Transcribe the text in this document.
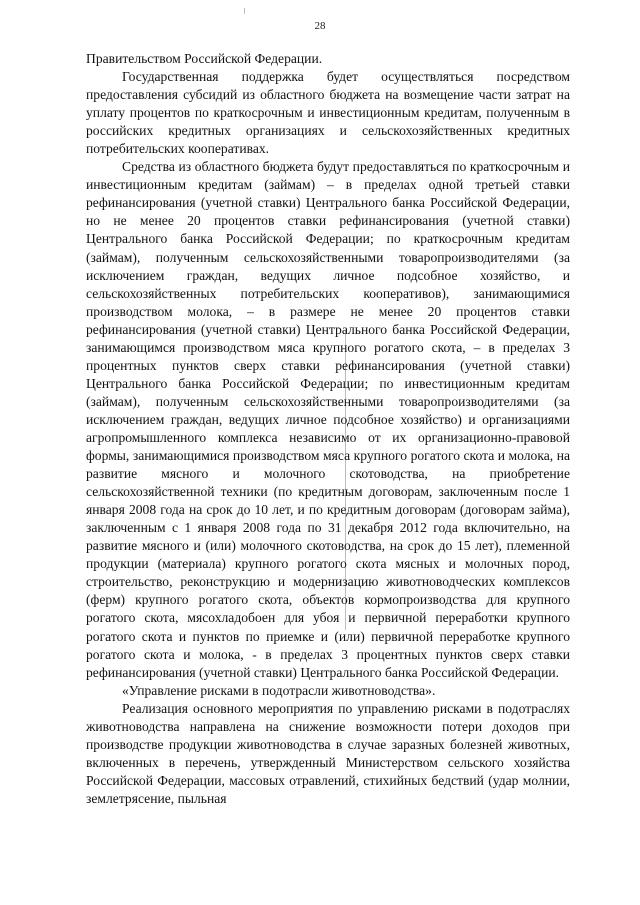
28

Правительством Российской Федерации.

Государственная поддержка будет осуществляться посредством предоставления субсидий из областного бюджета на возмещение части затрат на уплату процентов по краткосрочным и инвестиционным кредитам, полученным в российских кредитных организациях и сельскохозяйственных кредитных потребительских кооперативах.

Средства из областного бюджета будут предоставляться по краткосрочным и инвестиционным кредитам (займам) – в пределах одной третьей ставки рефинансирования (учетной ставки) Центрального банка Российской Федерации, но не менее 20 процентов ставки рефинансирования (учетной ставки) Центрального банка Российской Федерации; по краткосрочным кредитам (займам), полученным сельскохозяйственными товаропроизводителями (за исключением граждан, ведущих личное подсобное хозяйство, и сельскохозяйственных потребительских кооперативов), занимающимися производством молока, – в размере не менее 20 процентов ставки рефинансирования (учетной ставки) Центрального банка Российской Федерации, занимающимся производством мяса крупного рогатого скота, – в пределах 3 процентных пунктов сверх ставки рефинансирования (учетной ставки) Центрального банка Российской Федерации; по инвестиционным кредитам (займам), полученным сельскохозяйственными товаропроизводителями (за исключением граждан, ведущих личное подсобное хозяйство) и организациями агропромышленного комплекса независимо от их организационно-правовой формы, занимающимися производством мяса крупного рогатого скота и молока, на развитие мясного и молочного скотоводства, на приобретение сельскохозяйственной техники (по кредитным договорам, заключенным после 1 января 2008 года на срок до 10 лет, и по кредитным договорам (договорам займа), заключенным с 1 января 2008 года по 31 декабря 2012 года включительно, на развитие мясного и (или) молочного скотоводства, на срок до 15 лет), племенной продукции (материала) крупного рогатого скота мясных и молочных пород, строительство, реконструкцию и модернизацию животноводческих комплексов (ферм) крупного рогатого скота, объектов кормопроизводства для крупного рогатого скота, мясохладобоен для убоя и первичной переработки крупного рогатого скота и пунктов по приемке и (или) первичной переработке крупного рогатого скота и молока, - в пределах 3 процентных пунктов сверх ставки рефинансирования (учетной ставки) Центрального банка Российской Федерации.

«Управление рисками в подотрасли животноводства».

Реализация основного мероприятия по управлению рисками в подотраслях животноводства направлена на снижение возможности потери доходов при производстве продукции животноводства в случае заразных болезней животных, включенных в перечень, утвержденный Министерством сельского хозяйства Российской Федерации, массовых отравлений, стихийных бедствий (удар молнии, землетрясение, пыльная
